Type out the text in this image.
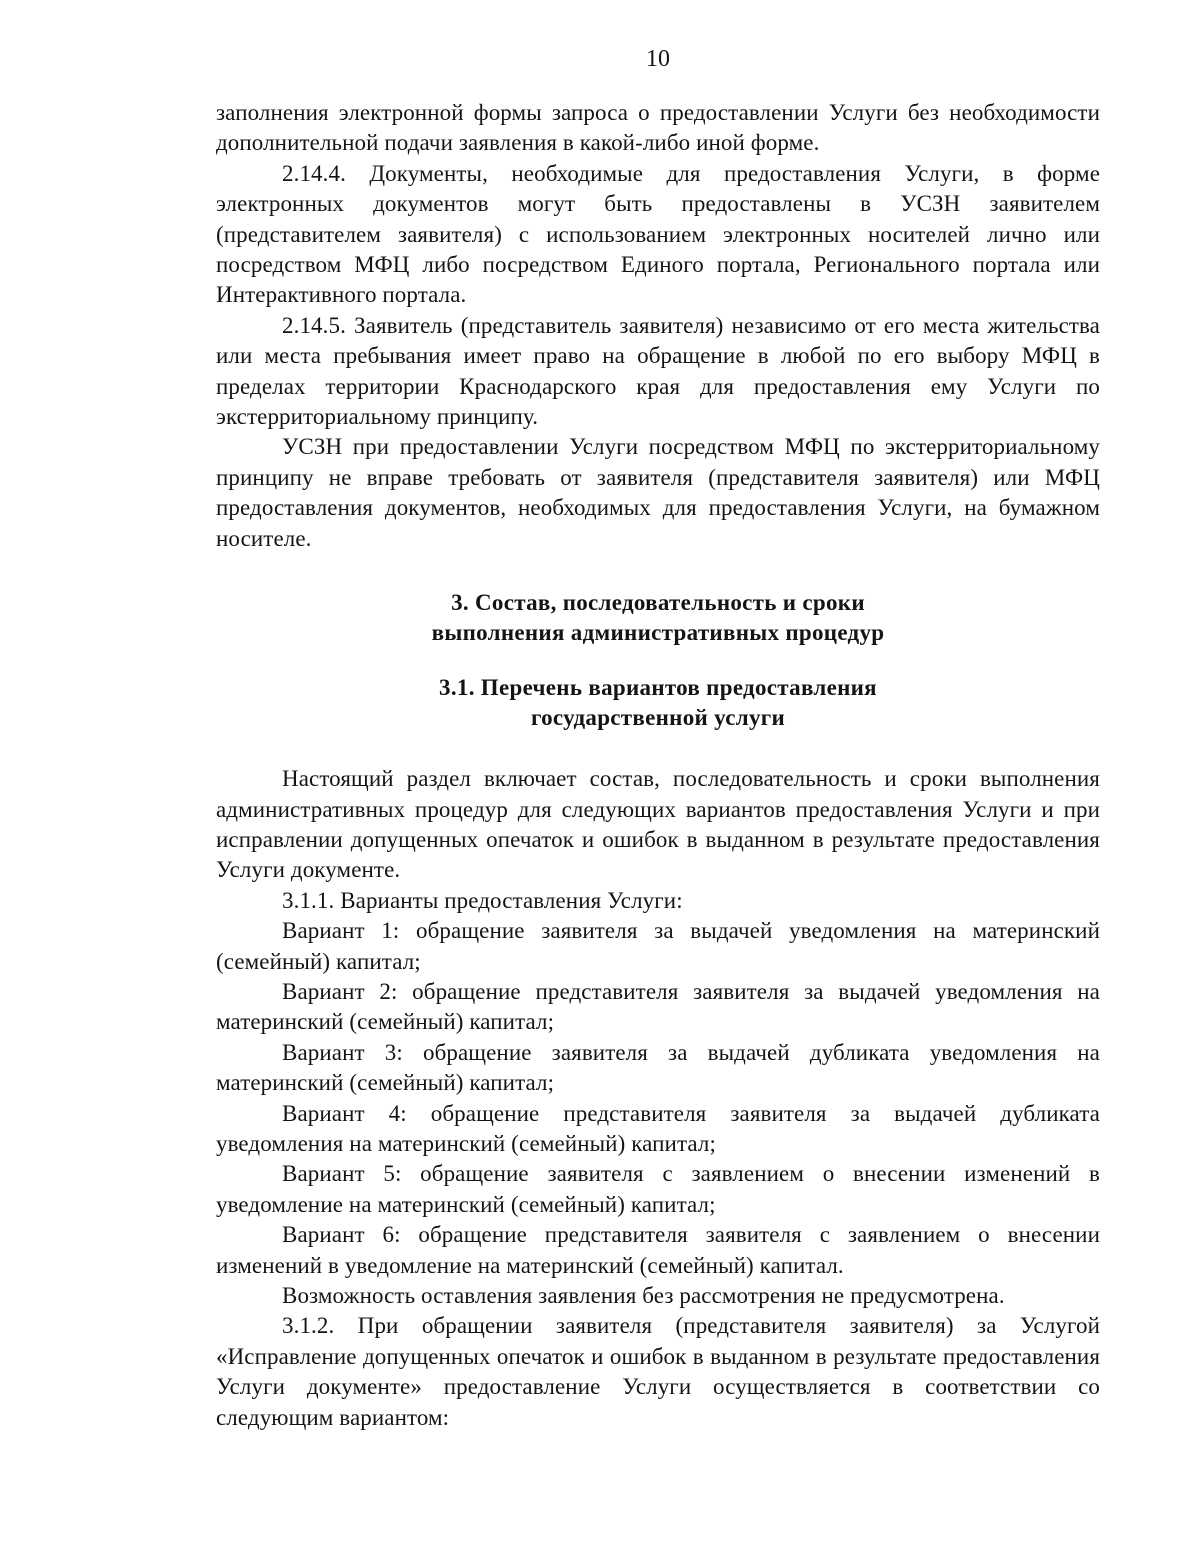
10

заполнения электронной формы запроса о предоставлении Услуги без необходимости дополнительной подачи заявления в какой-либо иной форме.

2.14.4. Документы, необходимые для предоставления Услуги, в форме электронных документов могут быть предоставлены в УСЗН заявителем (представителем заявителя) с использованием электронных носителей лично или посредством МФЦ либо посредством Единого портала, Регионального портала или Интерактивного портала.

2.14.5. Заявитель (представитель заявителя) независимо от его места жительства или места пребывания имеет право на обращение в любой по его выбору МФЦ в пределах территории Краснодарского края для предоставления ему Услуги по экстерриториальному принципу.

УСЗН при предоставлении Услуги посредством МФЦ по экстерриториальному принципу не вправе требовать от заявителя (представителя заявителя) или МФЦ предоставления документов, необходимых для предоставления Услуги, на бумажном носителе.

3. Состав, последовательность и сроки
выполнения административных процедур
3.1. Перечень вариантов предоставления
государственной услуги

Настоящий раздел включает состав, последовательность и сроки выполнения административных процедур для следующих вариантов предоставления Услуги и при исправлении допущенных опечаток и ошибок в выданном в результате предоставления Услуги документе.

3.1.1. Варианты предоставления Услуги:

Вариант 1: обращение заявителя за выдачей уведомления на материнский (семейный) капитал;

Вариант 2: обращение представителя заявителя за выдачей уведомления на материнский (семейный) капитал;

Вариант 3: обращение заявителя за выдачей дубликата уведомления на материнский (семейный) капитал;

Вариант 4: обращение представителя заявителя за выдачей дубликата уведомления на материнский (семейный) капитал;

Вариант 5: обращение заявителя с заявлением о внесении изменений в уведомление на материнский (семейный) капитал;

Вариант 6: обращение представителя заявителя с заявлением о внесении изменений в уведомление на материнский (семейный) капитал.

Возможность оставления заявления без рассмотрения не предусмотрена.

3.1.2. При обращении заявителя (представителя заявителя) за Услугой «Исправление допущенных опечаток и ошибок в выданном в результате предоставления Услуги документе» предоставление Услуги осуществляется в соответствии со следующим вариантом:
